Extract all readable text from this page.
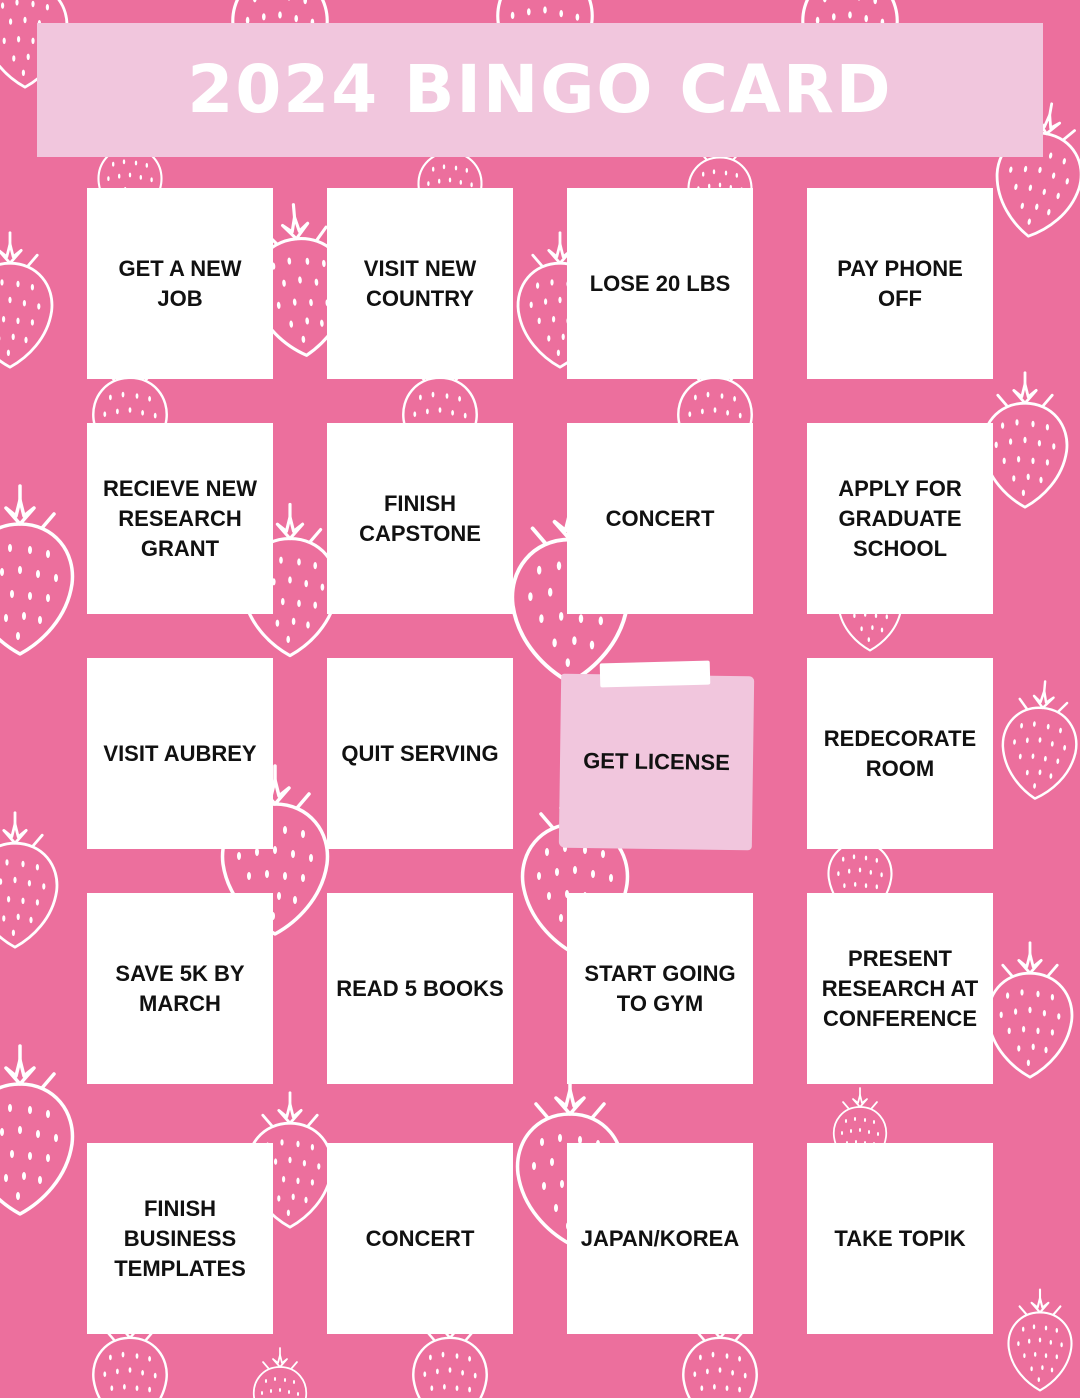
2024 BINGO CARD
GET A NEW JOB
VISIT NEW COUNTRY
LOSE 20 LBS
PAY PHONE OFF
RECIEVE NEW RESEARCH GRANT
FINISH CAPSTONE
CONCERT
APPLY FOR GRADUATE SCHOOL
VISIT AUBREY	QUIT SERVING	GET LICENSE
REDECORATE ROOM
SAVE 5K BY MARCH
READ 5 BOOKS
START GOING TO GYM
PRESENT RESEARCH AT CONFERENCE
FINISH BUSINESS TEMPLATES
CONCERT	JAPAN/KOREA	TAKE TOPIK
